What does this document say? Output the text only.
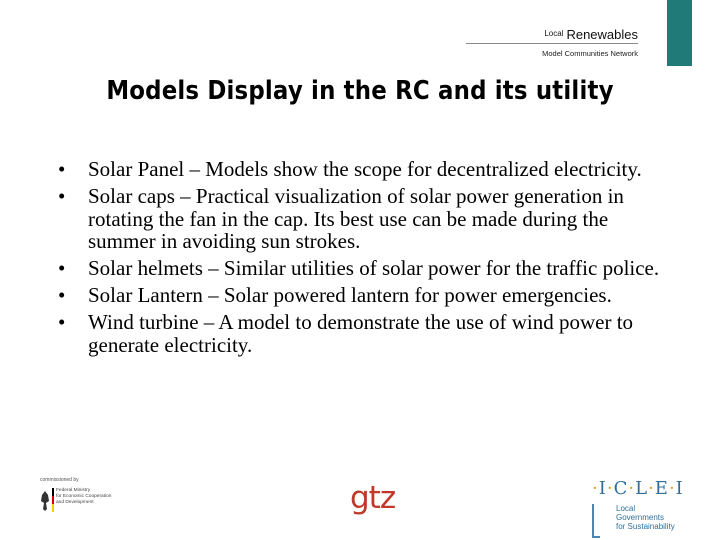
$^{Local}$ Renewables
Model Communities Network
Models Display in the RC and its utility
• Solar Panel – Models show the scope for decentralized electricity.
• Solar caps – Practical visualization of solar power generation in rotating the fan in the cap. Its best use can be made during the summer in avoiding sun strokes.
• Solar helmets – Similar utilities of solar power for the traffic police.
• Solar Lantern – Solar powered lantern for power emergencies.
• Wind turbine – A model to demonstrate the use of wind power to generate electricity.
commissioned by
Federal Ministry
for Economic Cooperation
and Development	gtz	·I·C·L·E·I
Local
Governments
for Sustainability
